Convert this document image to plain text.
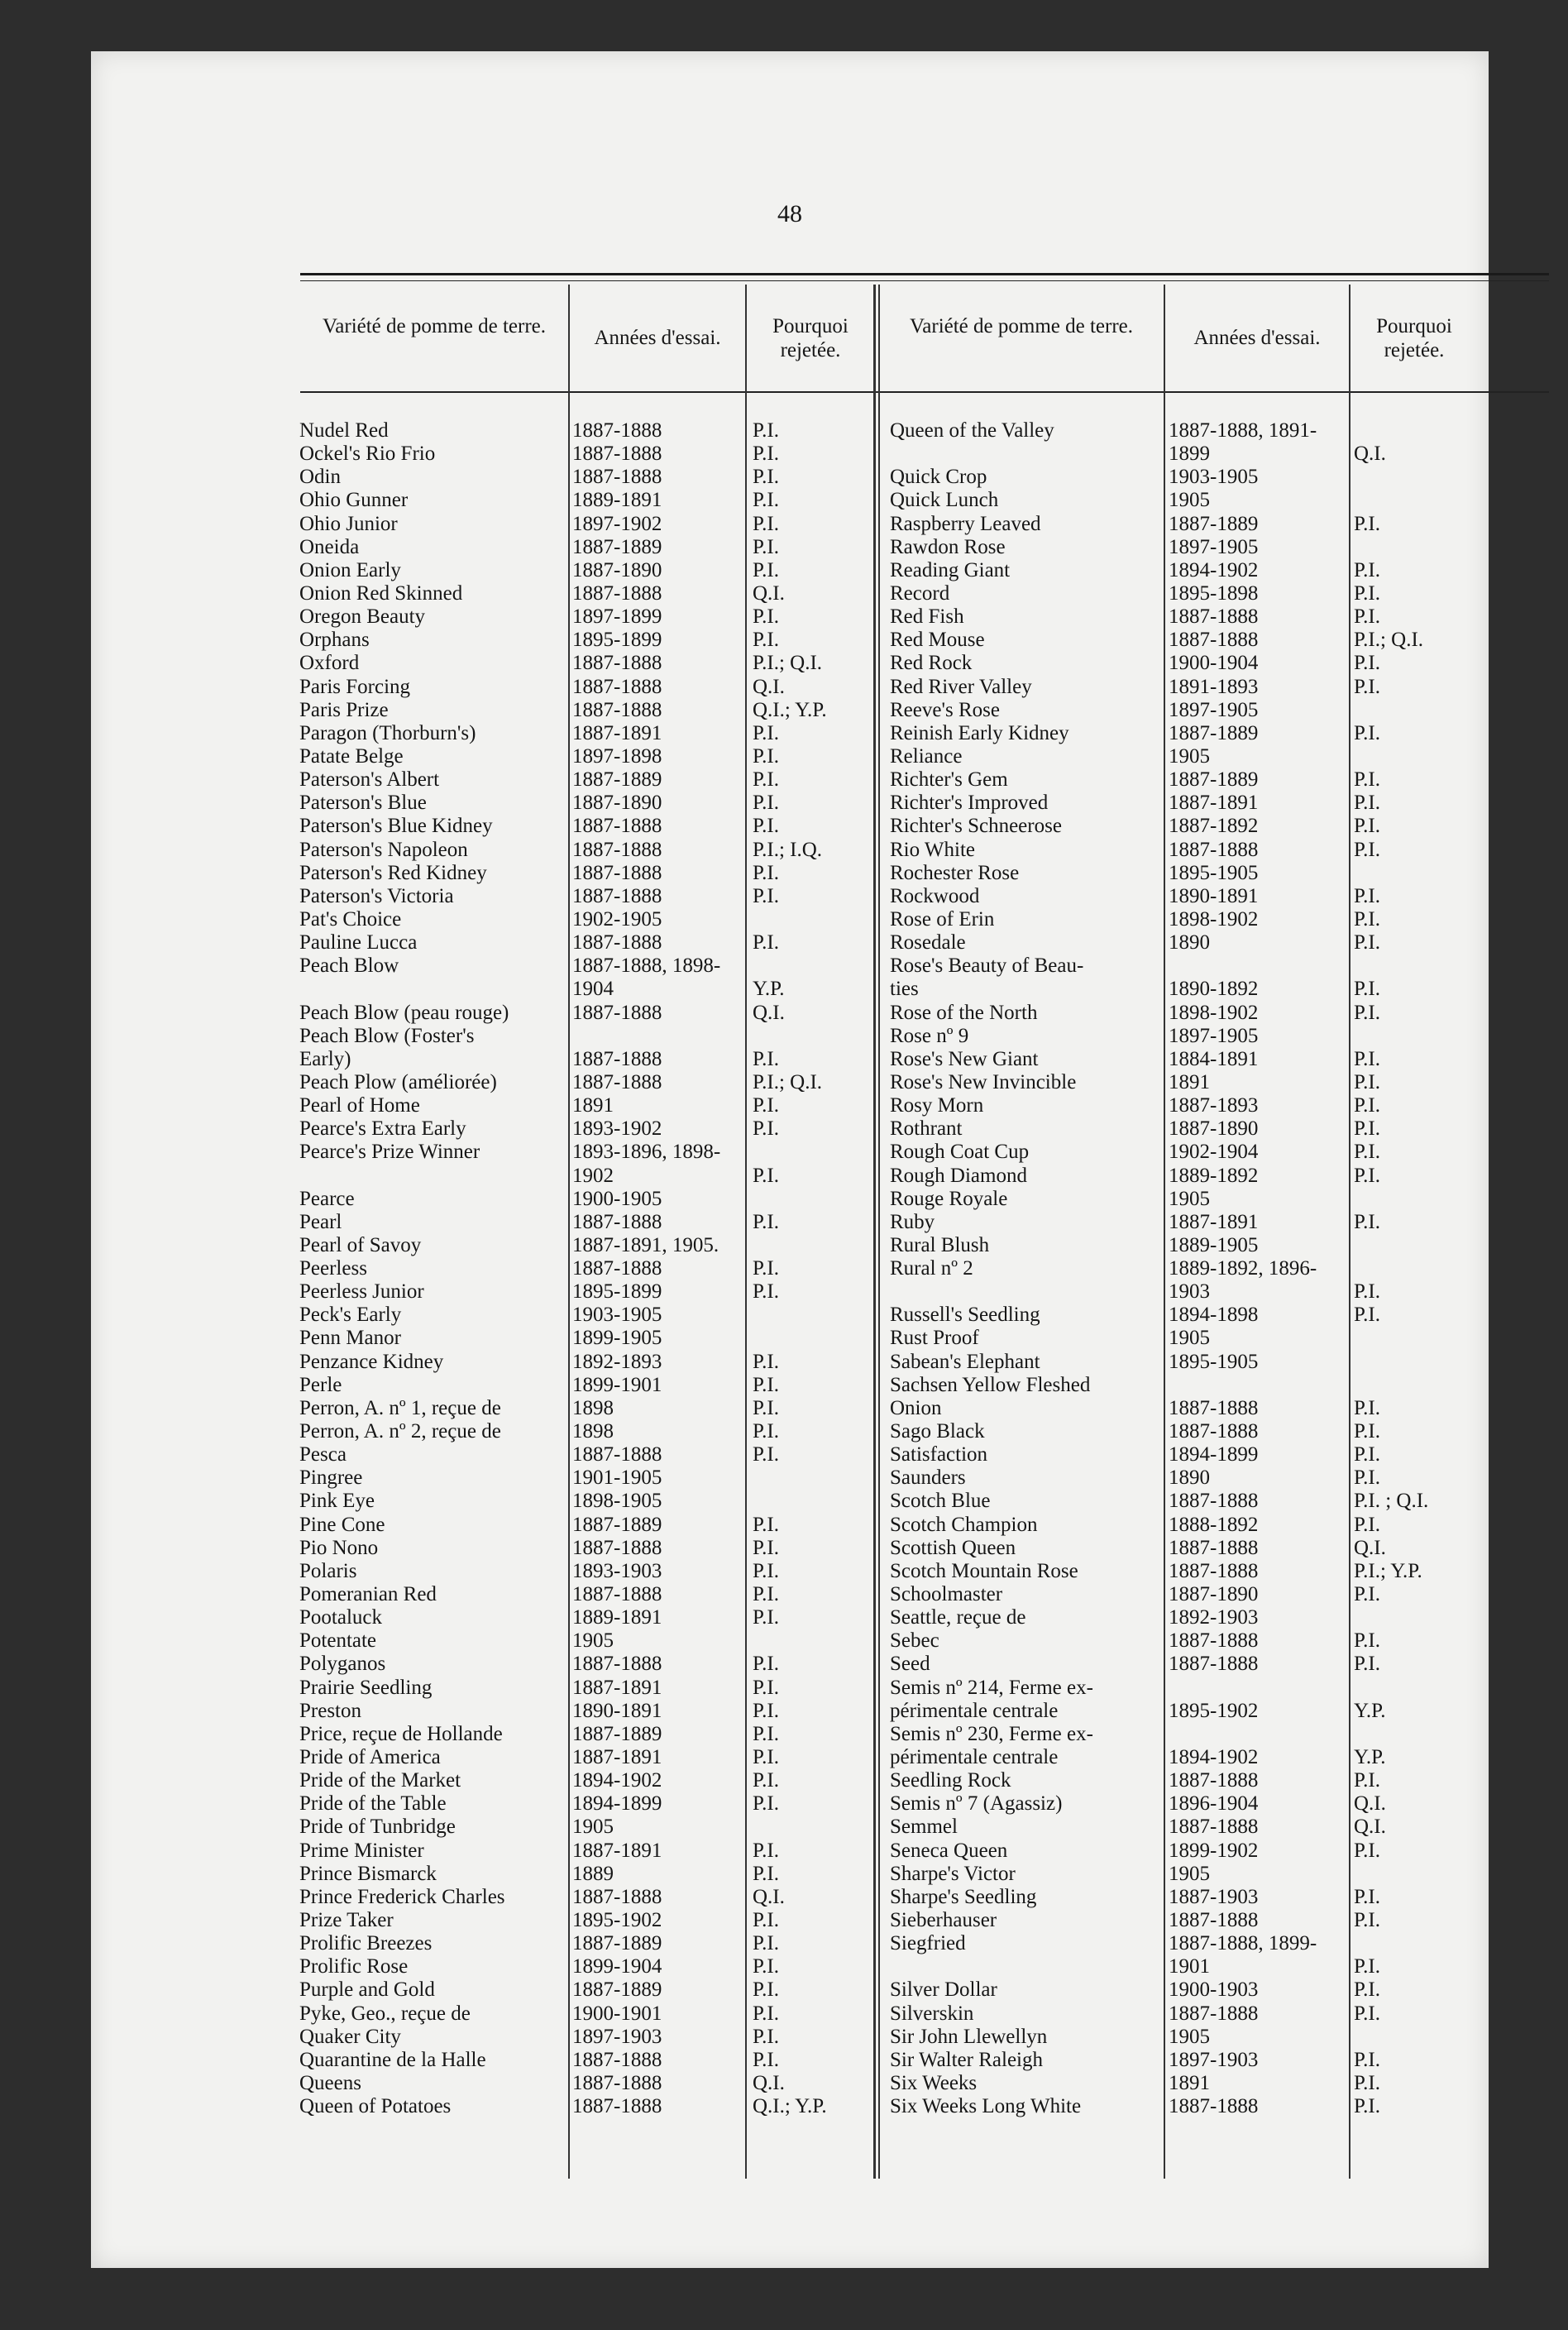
48
Variété de pomme de terre.
Années d'essai.
Pourquoi rejetée.
Variété de pomme de terre.
Années d'essai.
Pourquoi rejetée.
Nudel Red
Ockel's Rio Frio
Odin
Ohio Gunner
Ohio Junior
Oneida
Onion Early
Onion Red Skinned
Oregon Beauty
Orphans
Oxford
Paris Forcing
Paris Prize
Paragon (Thorburn's)
Patate Belge
Paterson's Albert
Paterson's Blue
Paterson's Blue Kidney
Paterson's Napoleon
Paterson's Red Kidney
Paterson's Victoria
Pat's Choice
Pauline Lucca
Peach Blow
Peach Blow (peau rouge)
Peach Blow (Foster's
Early)
Peach Plow (améliorée)
Pearl of Home
Pearce's Extra Early
Pearce's Prize Winner
Pearce
Pearl
Pearl of Savoy
Peerless
Peerless Junior
Peck's Early
Penn Manor
Penzance Kidney
Perle
Perron, A. nº 1, reçue de
Perron, A. nº 2, reçue de
Pesca
Pingree
Pink Eye
Pine Cone
Pio Nono
Polaris
Pomeranian Red
Pootaluck
Potentate
Polyganos
Prairie Seedling
Preston
Price, reçue de Hollande
Pride of America
Pride of the Market
Pride of the Table
Pride of Tunbridge
Prime Minister
Prince Bismarck
Prince Frederick Charles
Prize Taker
Prolific Breezes
Prolific Rose
Purple and Gold
Pyke, Geo., reçue de
Quaker City
Quarantine de la Halle
Queens
Queen of Potatoes
1887-1888
1887-1888
1887-1888
1889-1891
1897-1902
1887-1889
1887-1890
1887-1888
1897-1899
1895-1899
1887-1888
1887-1888
1887-1888
1887-1891
1897-1898
1887-1889
1887-1890
1887-1888
1887-1888
1887-1888
1887-1888
1902-1905
1887-1888
1887-1888, 1898-
1904
1887-1888
1887-1888
1887-1888
1891
1893-1902
1893-1896, 1898-
1902
1900-1905
1887-1888
1887-1891, 1905.
1887-1888
1895-1899
1903-1905
1899-1905
1892-1893
1899-1901
1898
1898
1887-1888
1901-1905
1898-1905
1887-1889
1887-1888
1893-1903
1887-1888
1889-1891
1905
1887-1888
1887-1891
1890-1891
1887-1889
1887-1891
1894-1902
1894-1899
1905
1887-1891
1889
1887-1888
1895-1902
1887-1889
1899-1904
1887-1889
1900-1901
1897-1903
1887-1888
1887-1888
1887-1888
P.I.
P.I.
P.I.
P.I.
P.I.
P.I.
P.I.
Q.I.
P.I.
P.I.
P.I.; Q.I.
Q.I.
Q.I.; Y.P.
P.I.
P.I.
P.I.
P.I.
P.I.
P.I.; I.Q.
P.I.
P.I.
P.I.
Y.P.
Q.I.
P.I.
P.I.; Q.I.
P.I.
P.I.
P.I.
P.I.
P.I.
P.I.
P.I.
P.I.
P.I.
P.I.
P.I.
P.I.
P.I.
P.I.
P.I.
P.I.
P.I.
P.I.
P.I.
P.I.
P.I.
P.I.
P.I.
P.I.
P.I.
Q.I.
P.I.
P.I.
P.I.
P.I.
P.I.
P.I.
P.I.
Q.I.
Q.I.; Y.P.
Queen of the Valley
Quick Crop
Quick Lunch
Raspberry Leaved
Rawdon Rose
Reading Giant
Record
Red Fish
Red Mouse
Red Rock
Red River Valley
Reeve's Rose
Reinish Early Kidney
Reliance
Richter's Gem
Richter's Improved
Richter's Schneerose
Rio White
Rochester Rose
Rockwood
Rose of Erin
Rosedale
Rose's Beauty of Beau-
ties
Rose of the North
Rose nº 9
Rose's New Giant
Rose's New Invincible
Rosy Morn
Rothrant
Rough Coat Cup
Rough Diamond
Rouge Royale
Ruby
Rural Blush
Rural nº 2
Russell's Seedling
Rust Proof
Sabean's Elephant
Sachsen Yellow Fleshed
Onion
Sago Black
Satisfaction
Saunders
Scotch Blue
Scotch Champion
Scottish Queen
Scotch Mountain Rose
Schoolmaster
Seattle, reçue de
Sebec
Seed
Semis nº 214, Ferme ex-
périmentale centrale
Semis nº 230, Ferme ex-
périmentale centrale
Seedling Rock
Semis nº 7 (Agassiz)
Semmel
Seneca Queen
Sharpe's Victor
Sharpe's Seedling
Sieberhauser
Siegfried
Silver Dollar
Silverskin
Sir John Llewellyn
Sir Walter Raleigh
Six Weeks
Six Weeks Long White
1887-1888, 1891-
1899
1903-1905
1905
1887-1889
1897-1905
1894-1902
1895-1898
1887-1888
1887-1888
1900-1904
1891-1893
1897-1905
1887-1889
1905
1887-1889
1887-1891
1887-1892
1887-1888
1895-1905
1890-1891
1898-1902
1890
1890-1892
1898-1902
1897-1905
1884-1891
1891
1887-1893
1887-1890
1902-1904
1889-1892
1905
1887-1891
1889-1905
1889-1892, 1896-
1903
1894-1898
1905
1895-1905
1887-1888
1887-1888
1894-1899
1890
1887-1888
1888-1892
1887-1888
1887-1888
1887-1890
1892-1903
1887-1888
1887-1888
1895-1902
1894-1902
1887-1888
1896-1904
1887-1888
1899-1902
1905
1887-1903
1887-1888
1887-1888, 1899-
1901
1900-1903
1887-1888
1905
1897-1903
1891
1887-1888
Q.I.
P.I.
P.I.
P.I.
P.I.
P.I.; Q.I.
P.I.
P.I.
P.I.
P.I.
P.I.
P.I.
P.I.
P.I.
P.I.
P.I.
P.I.
P.I.
P.I.
P.I.
P.I.
P.I.
P.I.
P.I.
P.I.
P.I.
P.I.
P.I.
P.I.
P.I.
P.I.
P.I. ; Q.I.
P.I.
Q.I.
P.I.; Y.P.
P.I.
P.I.
P.I.
Y.P.
Y.P.
P.I.
Q.I.
Q.I.
P.I.
P.I.
P.I.
P.I.
P.I.
P.I.
P.I.
P.I.
P.I.
